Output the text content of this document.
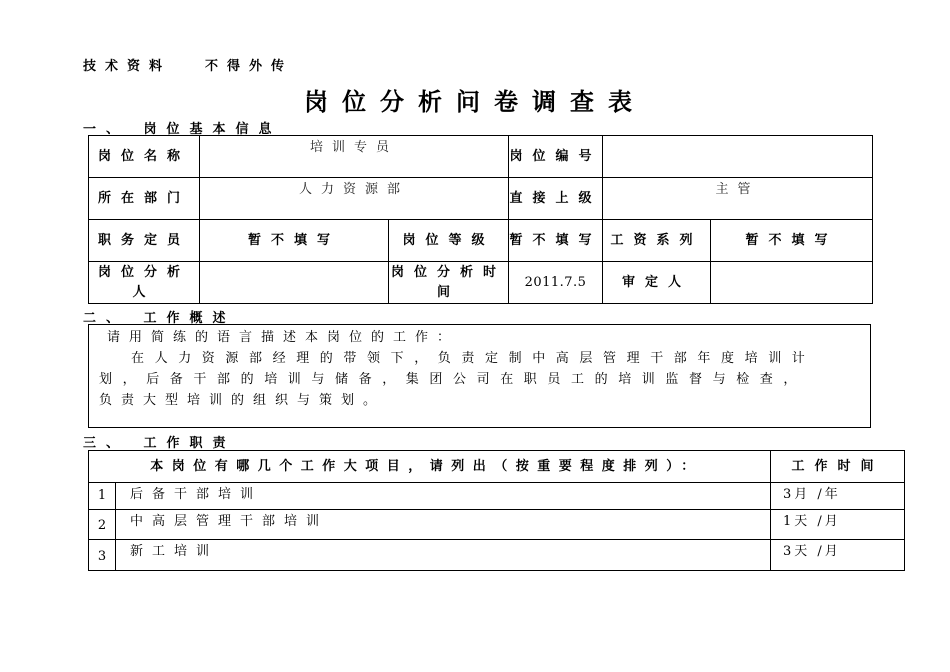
技术资料	不得外传
岗位分析问卷调查表
一、 岗位基本信息
岗位名称	培训专员		岗位编号		
所在部门	人力资源部		直接上级	主管	
职务定员	暂不填写	岗位等级	暂不填写	工资系列	暂不填写
岗位分析人		岗位分析时间	2011.7.5	审定人	
二、 工作概述
请用简练的语言描述本岗位的工作：
在人力资源部经理的带领下，负责定制中高层管理干部年度培训计
划，后备干部的培训与储备，集团公司在职员工的培训监督与检查，
负责大型培训的组织与策划。
三、 工作职责
本岗位有哪几个工作大项目，请列出（按重要程度排列）：		工作时间
1	后备干部培训	3月 /年
2	中高层管理干部培训	1天 /月
3	新工培训	3天 /月
